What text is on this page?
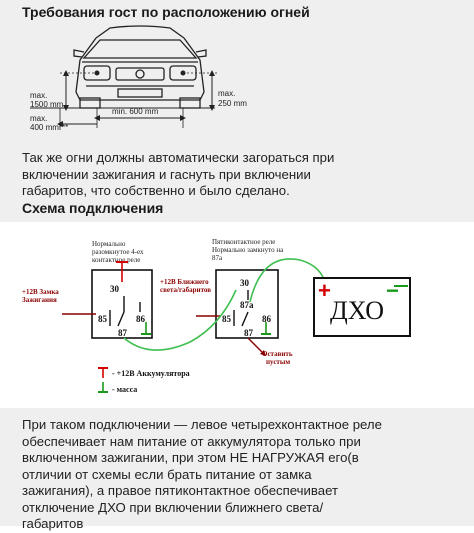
Требования гост по расположению огней
max.
1500 mm
max.
400 mm***
max.
250 mm
min. 600 mm
Так же огни должны автоматически загораться при
включении зажигания и гаснуть при включении
габаритов, что собственно и было сделано.
Схема подключения
Нормально
разомкнутое 4-ех
контактное реле
Пятиконтактное реле
Нормально замкнуто на
87а
30
85	86
87
+12В Замка
Зажигания
30
87a
85	86
87
+12В Ближнего
света/габаритов
Оставить
пустым
ДХО
+	−
- +12В Аккумулятора
- масса
При таком подключении — левое четырехконтактное реле
обеспечивает нам питание от аккумулятора только при
включенном зажигании, при этом НЕ НАГРУЖАЯ его(в
отличии от схемы если брать питание от замка
зажигания), а правое пятиконтактное обеспечивает
отключение ДХО при включении ближнего света/
габаритов
